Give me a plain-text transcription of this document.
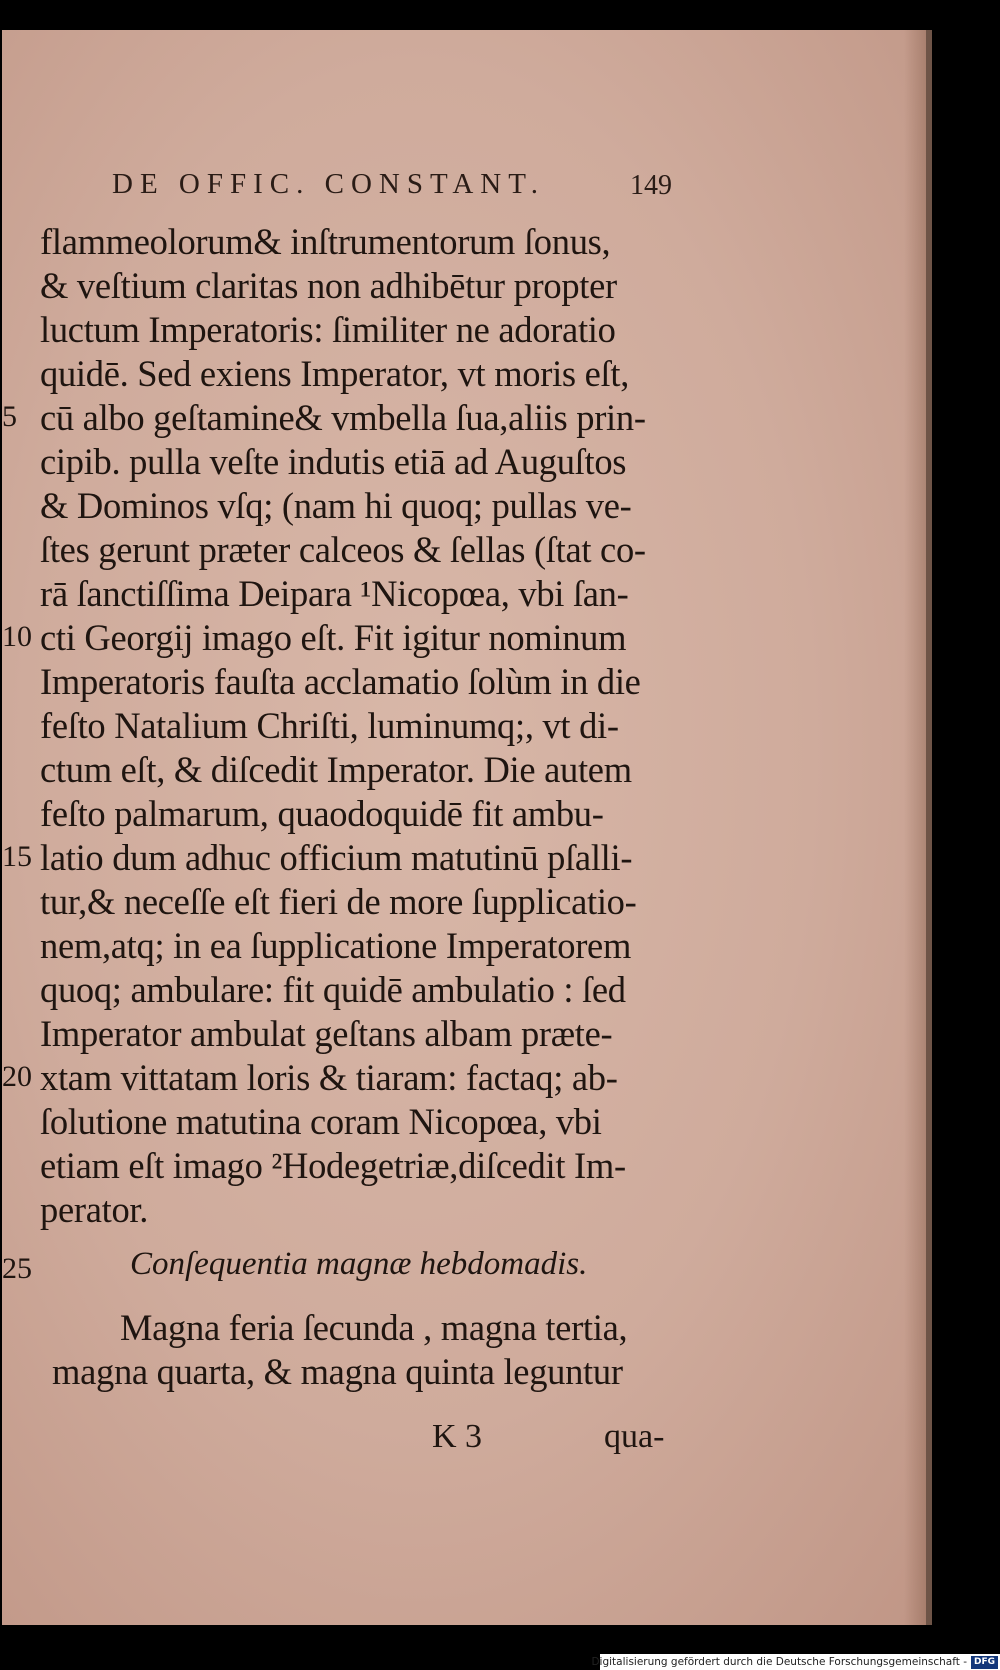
DE OFFIC. CONSTANT.	149
flammeolorum& inſtrumentorum ſonus,
& veſtium claritas non adhibētur propter
luctum Imperatoris: ſimiliter ne adoratio
quidē. Sed exiens Imperator, vt moris eſt,
cū albo geſtamine& vmbella ſua,aliis prin-
cipib. pulla veſte indutis etiā ad Auguſtos
& Dominos vſq; (nam hi quoq; pullas ve-
ſtes gerunt præter calceos & ſellas (ſtat co-
rā ſanctiſſima Deipara ¹Nicopœa, vbi ſan-
cti Georgij imago eſt. Fit igitur nominum
Imperatoris fauſta acclamatio ſolùm in die
feſto Natalium Chriſti, luminumq;, vt di-
ctum eſt, & diſcedit Imperator. Die autem
feſto palmarum, quaodoquidē fit ambu-
latio dum adhuc officium matutinū pſalli-
tur,& neceſſe eſt fieri de more ſupplicatio-
nem,atq; in ea ſupplicatione Imperatorem
quoq; ambulare: fit quidē ambulatio : ſed
Imperator ambulat geſtans albam præte-
xtam vittatam loris & tiaram: factaq; ab-
ſolutione matutina coram Nicopœa, vbi
etiam eſt imago ²Hodegetriæ,diſcedit Im-
perator.
5
10
15
20
25	Conſequentia magnæ hebdomadis.
Magna feria ſecunda , magna tertia,
magna quarta, & magna quinta leguntur
K 3	qua-
Digitalisierung gefördert durch die Deutsche Forschungsgemeinschaft - DFG
